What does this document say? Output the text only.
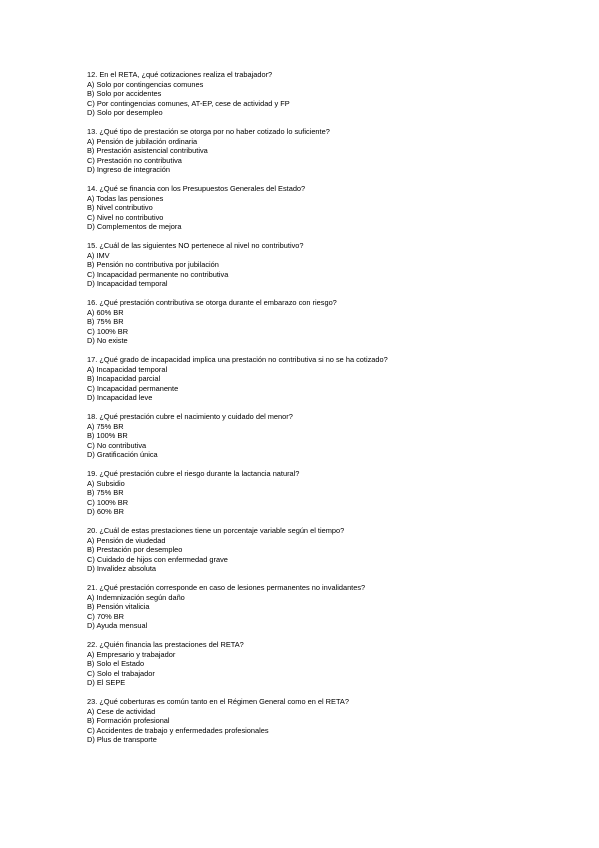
12. En el RETA, ¿qué cotizaciones realiza el trabajador?
A) Solo por contingencias comunes
B) Solo por accidentes
C) Por contingencias comunes, AT-EP, cese de actividad y FP
D) Solo por desempleo
13. ¿Qué tipo de prestación se otorga por no haber cotizado lo suficiente?
A) Pensión de jubilación ordinaria
B) Prestación asistencial contributiva
C) Prestación no contributiva
D) Ingreso de integración
14. ¿Qué se financia con los Presupuestos Generales del Estado?
A) Todas las pensiones
B) Nivel contributivo
C) Nivel no contributivo
D) Complementos de mejora
15. ¿Cuál de las siguientes NO pertenece al nivel no contributivo?
A) IMV
B) Pensión no contributiva por jubilación
C) Incapacidad permanente no contributiva
D) Incapacidad temporal
16. ¿Qué prestación contributiva se otorga durante el embarazo con riesgo?
A) 60% BR
B) 75% BR
C) 100% BR
D) No existe
17. ¿Qué grado de incapacidad implica una prestación no contributiva si no se ha cotizado?
A) Incapacidad temporal
B) Incapacidad parcial
C) Incapacidad permanente
D) Incapacidad leve
18. ¿Qué prestación cubre el nacimiento y cuidado del menor?
A) 75% BR
B) 100% BR
C) No contributiva
D) Gratificación única
19. ¿Qué prestación cubre el riesgo durante la lactancia natural?
A) Subsidio
B) 75% BR
C) 100% BR
D) 60% BR
20. ¿Cuál de estas prestaciones tiene un porcentaje variable según el tiempo?
A) Pensión de viudedad
B) Prestación por desempleo
C) Cuidado de hijos con enfermedad grave
D) Invalidez absoluta
21. ¿Qué prestación corresponde en caso de lesiones permanentes no invalidantes?
A) Indemnización según daño
B) Pensión vitalicia
C) 70% BR
D) Ayuda mensual
22. ¿Quién financia las prestaciones del RETA?
A) Empresario y trabajador
B) Solo el Estado
C) Solo el trabajador
D) El SEPE
23. ¿Qué coberturas es común tanto en el Régimen General como en el RETA?
A) Cese de actividad
B) Formación profesional
C) Accidentes de trabajo y enfermedades profesionales
D) Plus de transporte
